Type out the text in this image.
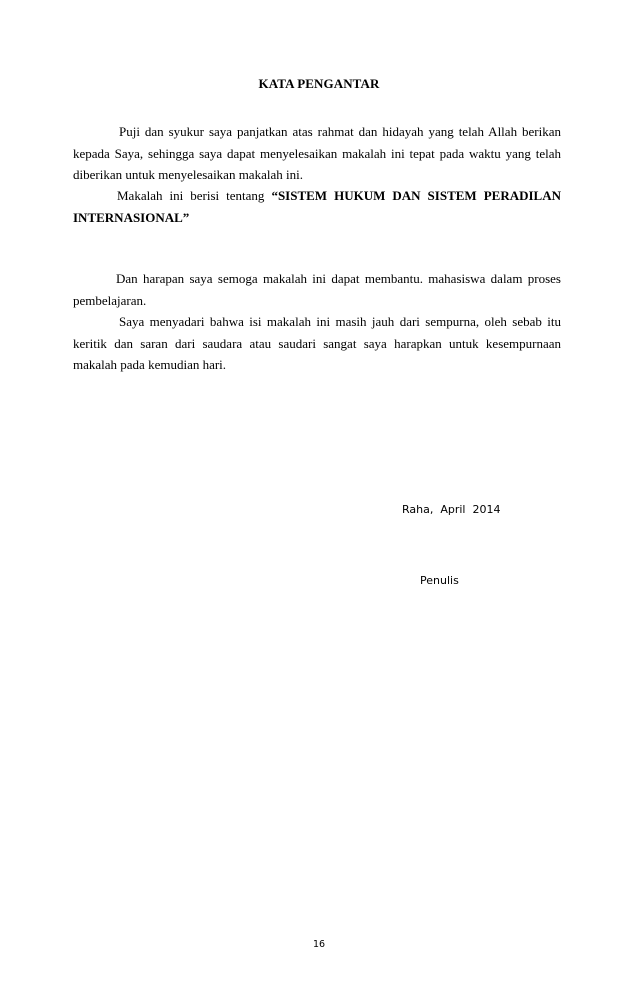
KATA PENGANTAR

Puji dan syukur saya panjatkan atas rahmat dan hidayah yang telah Allah berikan kepada Saya, sehingga saya dapat menyelesaikan makalah ini tepat pada waktu yang telah diberikan untuk menyelesaikan makalah ini.

Makalah ini berisi tentang “SISTEM HUKUM DAN SISTEM PERADILAN INTERNASIONAL”

Dan harapan saya semoga makalah ini dapat membantu. mahasiswa dalam proses pembelajaran.

Saya menyadari bahwa isi makalah ini masih jauh dari sempurna, oleh sebab itu keritik dan saran dari saudara atau saudari sangat saya harapkan untuk kesempurnaan makalah pada kemudian hari.

Raha,  April  2014
Penulis
16
